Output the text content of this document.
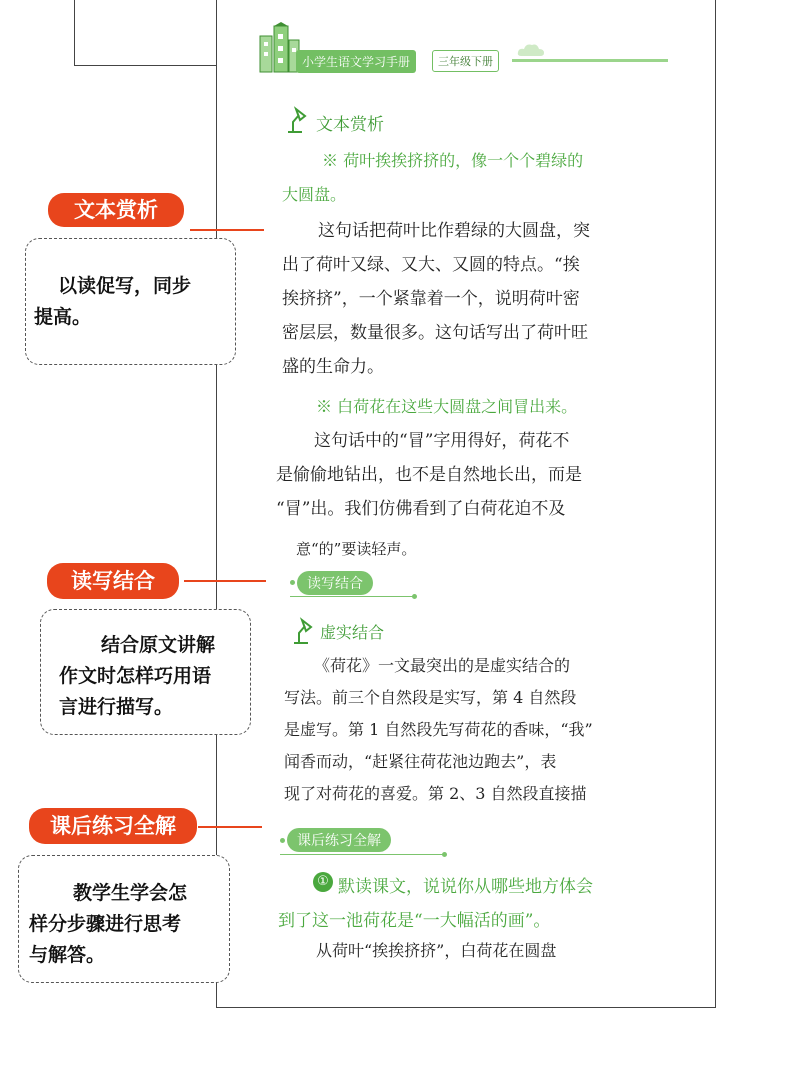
小学生语文学习手册	三年级下册
文本赏析
※ 荷叶挨挨挤挤的，像一个个碧绿的
大圆盘。
这句话把荷叶比作碧绿的大圆盘，突
出了荷叶又绿、又大、又圆的特点。“挨
挨挤挤”，一个紧靠着一个，说明荷叶密
密层层，数量很多。这句话写出了荷叶旺
盛的生命力。
※ 白荷花在这些大圆盘之间冒出来。
这句话中的“冒”字用得好，荷花不
是偷偷地钻出，也不是自然地长出，而是
“冒”出。我们仿佛看到了白荷花迫不及
意“的”要读轻声。
读写结合
虚实结合
《荷花》一文最突出的是虚实结合的
写法。前三个自然段是实写，第 4 自然段
是虚写。第 1 自然段先写荷花的香味，“我”
闻香而动，“赶紧往荷花池边跑去”，表
现了对荷花的喜爱。第 2、3 自然段直接描
课后练习全解
① 默读课文，说说你从哪些地方体会
到了这一池荷花是“一大幅活的画”。
从荷叶“挨挨挤挤”，白荷花在圆盘
文本赏析
以读促写，同步
提高。
读写结合
结合原文讲解
作文时怎样巧用语
言进行描写。
课后练习全解
教学生学会怎
样分步骤进行思考
与解答。
